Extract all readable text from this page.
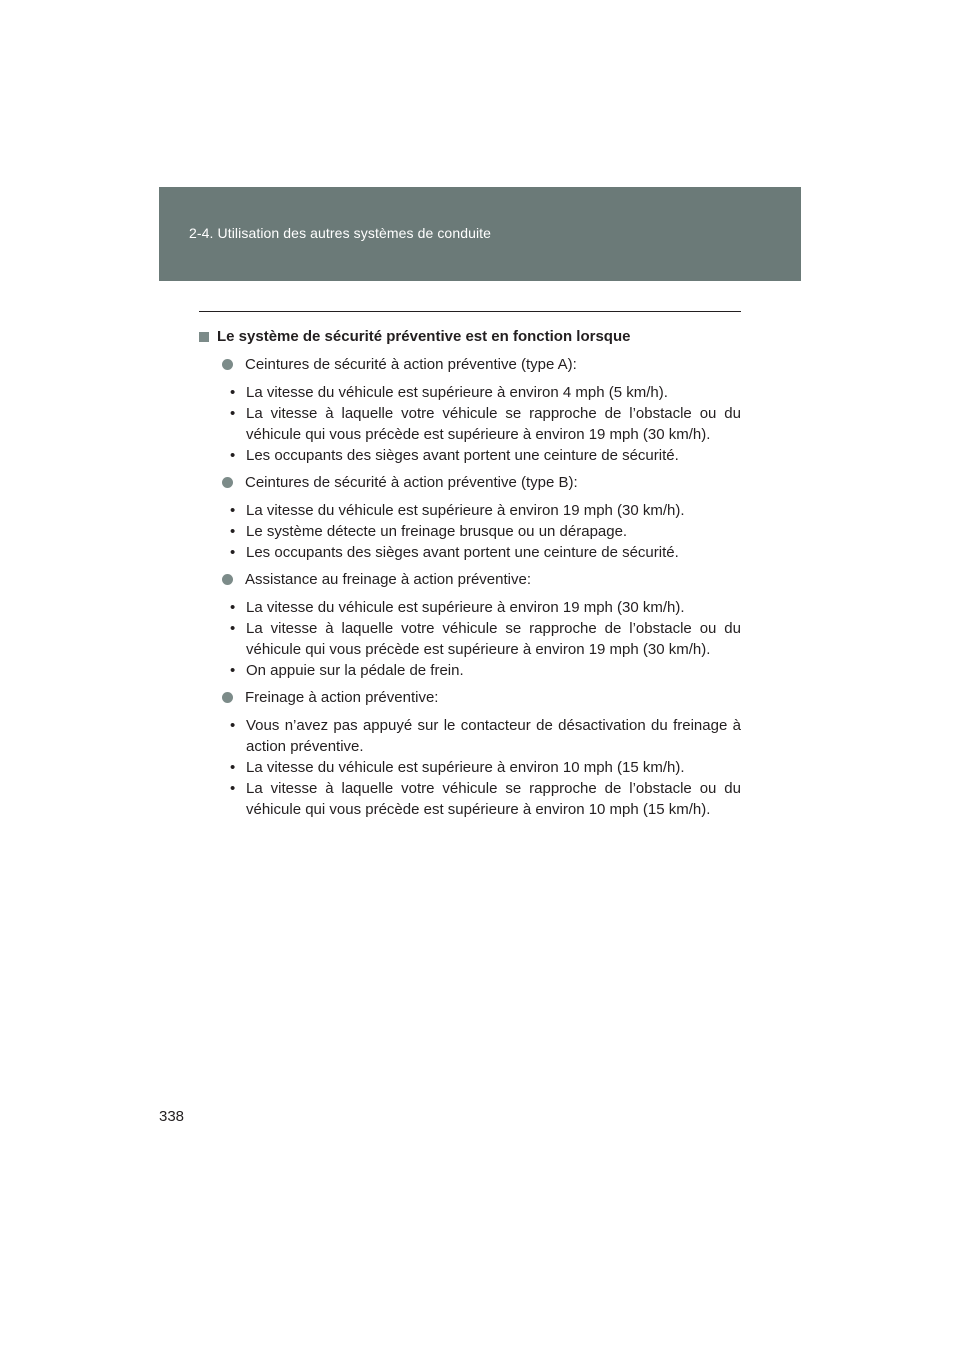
2-4. Utilisation des autres systèmes de conduite
Le système de sécurité préventive est en fonction lorsque
Ceintures de sécurité à action préventive (type A):
• La vitesse du véhicule est supérieure à environ 4 mph (5 km/h).
• La vitesse à laquelle votre véhicule se rapproche de l’obstacle ou du véhicule qui vous précède est supérieure à environ 19 mph (30 km/h).
• Les occupants des sièges avant portent une ceinture de sécurité.
Ceintures de sécurité à action préventive (type B):
• La vitesse du véhicule est supérieure à environ 19 mph (30 km/h).
• Le système détecte un freinage brusque ou un dérapage.
• Les occupants des sièges avant portent une ceinture de sécurité.
Assistance au freinage à action préventive:
• La vitesse du véhicule est supérieure à environ 19 mph (30 km/h).
• La vitesse à laquelle votre véhicule se rapproche de l’obstacle ou du véhicule qui vous précède est supérieure à environ 19 mph (30 km/h).
• On appuie sur la pédale de frein.
Freinage à action préventive:
• Vous n’avez pas appuyé sur le contacteur de désactivation du freinage à action préventive.
• La vitesse du véhicule est supérieure à environ 10 mph (15 km/h).
• La vitesse à laquelle votre véhicule se rapproche de l’obstacle ou du véhicule qui vous précède est supérieure à environ 10 mph (15 km/h).
338
